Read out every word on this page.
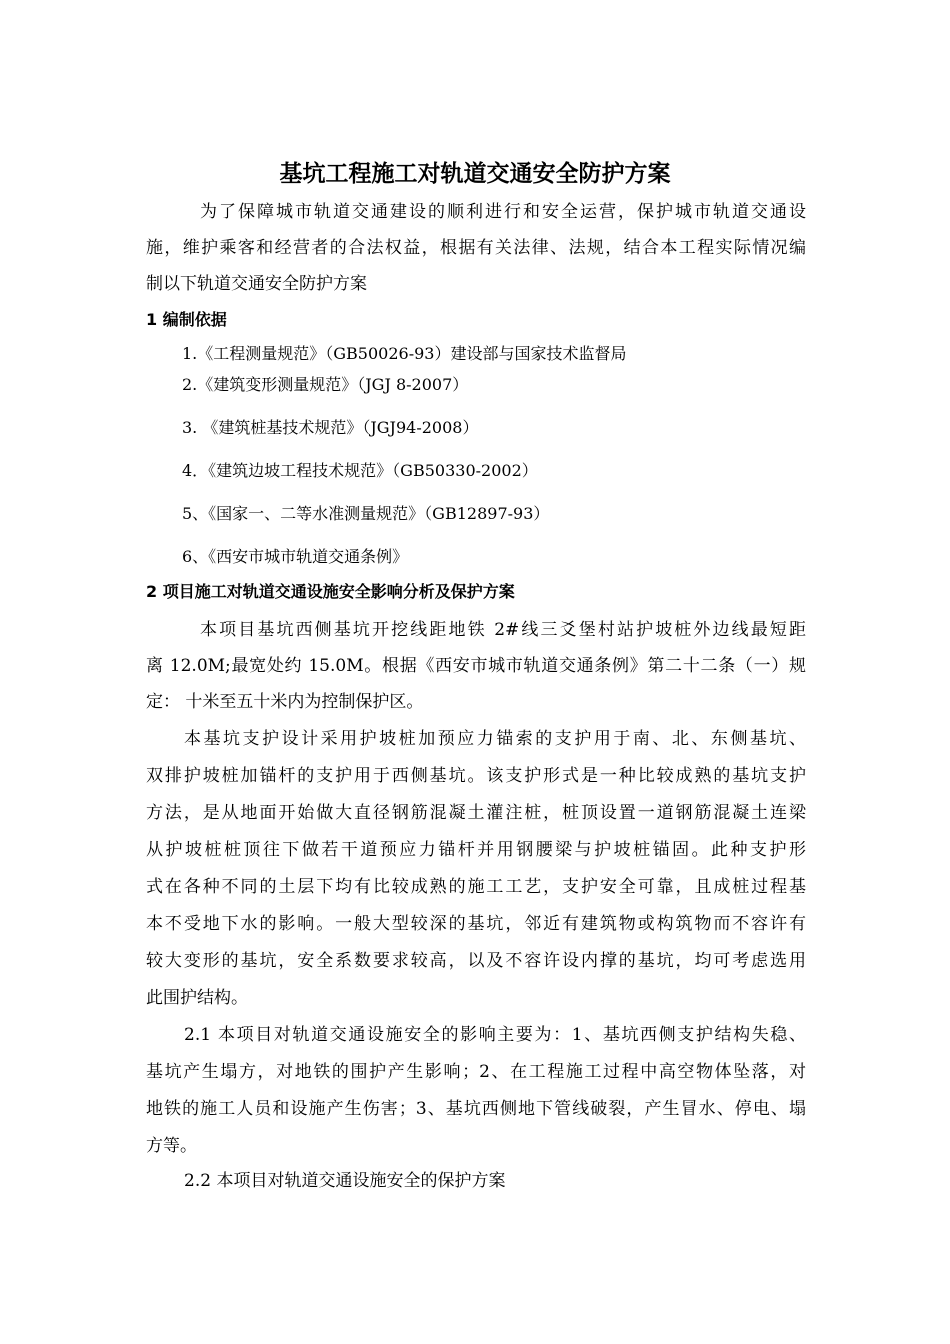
基坑工程施工对轨道交通安全防护方案
为了保障城市轨道交通建设的顺利进行和安全运营，保护城市轨道交通设
施，维护乘客和经营者的合法权益，根据有关法律、法规，结合本工程实际情况编
制以下轨道交通安全防护方案
1 编制依据
1.《工程测量规范》（GB50026-93）建设部与国家技术监督局
2.《建筑变形测量规范》（JGJ 8-2007）
3. 《建筑桩基技术规范》（JGJ94-2008）
4．《建筑边坡工程技术规范》（GB50330-2002）
5、《国家一、二等水准测量规范》（GB12897-93）
6、《西安市城市轨道交通条例》
2 项目施工对轨道交通设施安全影响分析及保护方案
本项目基坑西侧基坑开挖线距地铁 2#线三爻堡村站护坡桩外边线最短距
离 12.0M;最宽处约 15.0M。根据《西安市城市轨道交通条例》第二十二条（一）规
定： 十米至五十米内为控制保护区。
本基坑支护设计采用护坡桩加预应力锚索的支护用于南、北、东侧基坑、
双排护坡桩加锚杆的支护用于西侧基坑。该支护形式是一种比较成熟的基坑支护
方法，是从地面开始做大直径钢筋混凝土灌注桩，桩顶设置一道钢筋混凝土连梁
从护坡桩桩顶往下做若干道预应力锚杆并用钢腰梁与护坡桩锚固。此种支护形
式在各种不同的土层下均有比较成熟的施工工艺，支护安全可靠，且成桩过程基
本不受地下水的影响。一般大型较深的基坑，邻近有建筑物或构筑物而不容许有
较大变形的基坑，安全系数要求较高，以及不容许设内撑的基坑，均可考虑选用
此围护结构。
2.1 本项目对轨道交通设施安全的影响主要为：1、基坑西侧支护结构失稳、
基坑产生塌方，对地铁的围护产生影响；2、在工程施工过程中高空物体坠落，对
地铁的施工人员和设施产生伤害；3、基坑西侧地下管线破裂，产生冒水、停电、塌
方等。
2.2 本项目对轨道交通设施安全的保护方案
